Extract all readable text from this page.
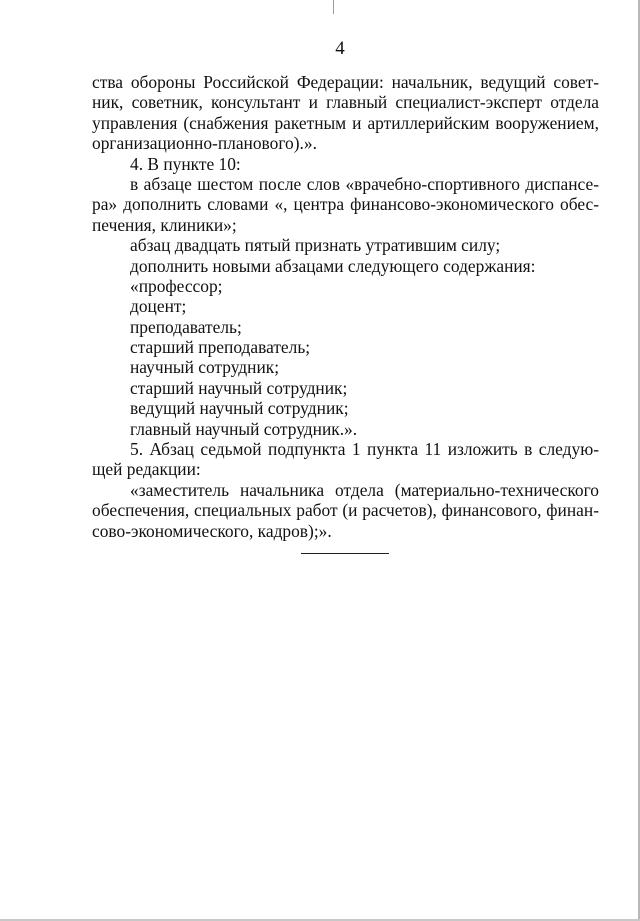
4
ства обороны Российской Федерации: начальник, ведущий совет-
ник, советник, консультант и главный специалист-эксперт отдела
управления (снабжения ракетным и артиллерийским вооружением,
организационно-планового).».
4. В пункте 10:
в абзаце шестом после слов «врачебно-спортивного диспансе-
ра» дополнить словами «, центра финансово-экономического обес-
печения, клиники»;
абзац двадцать пятый признать утратившим силу;
дополнить новыми абзацами следующего содержания:
«профессор;
доцент;
преподаватель;
старший преподаватель;
научный сотрудник;
старший научный сотрудник;
ведущий научный сотрудник;
главный научный сотрудник.».
5. Абзац седьмой подпункта 1 пункта 11 изложить в следую-
щей редакции:
«заместитель начальника отдела (материально-технического
обеспечения, специальных работ (и расчетов), финансового, финан-
сово-экономического, кадров);».
